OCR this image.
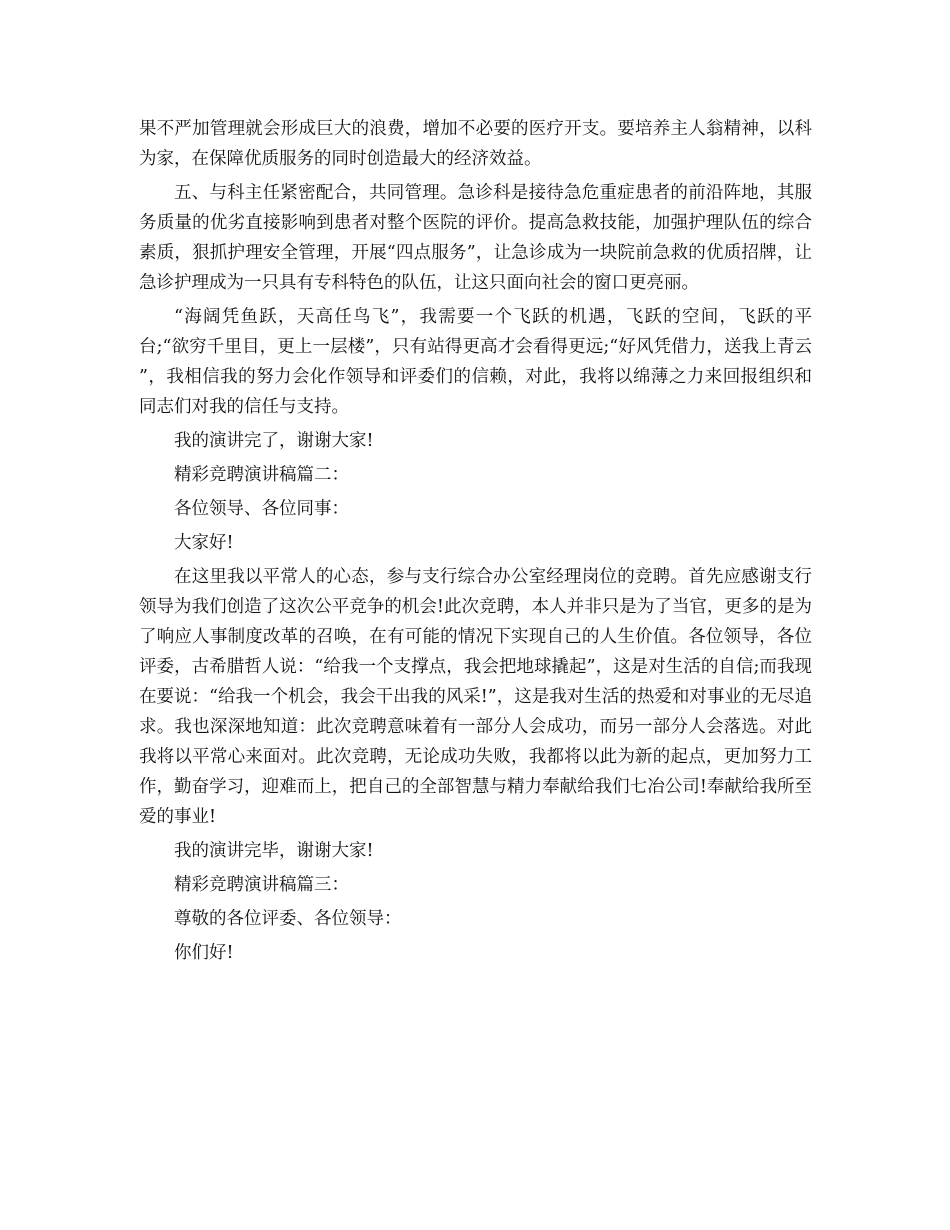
果不严加管理就会形成巨大的浪费，增加不必要的医疗开支。要培养主人翁精神，以科为家，在保障优质服务的同时创造最大的经济效益。

五、与科主任紧密配合，共同管理。急诊科是接待急危重症患者的前沿阵地，其服务质量的优劣直接影响到患者对整个医院的评价。提高急救技能，加强护理队伍的综合素质，狠抓护理安全管理，开展“四点服务”，让急诊成为一块院前急救的优质招牌，让急诊护理成为一只具有专科特色的队伍，让这只面向社会的窗口更亮丽。

“海阔凭鱼跃，天高任鸟飞”，我需要一个飞跃的机遇，飞跃的空间，飞跃的平台;“欲穷千里目，更上一层楼”，只有站得更高才会看得更远;“好风凭借力，送我上青云 ”，我相信我的努力会化作领导和评委们的信赖，对此，我将以绵薄之力来回报组织和同志们对我的信任与支持。

我的演讲完了，谢谢大家!

精彩竞聘演讲稿篇二：

各位领导、各位同事：

大家好!

在这里我以平常人的心态，参与支行综合办公室经理岗位的竞聘。首先应感谢支行领导为我们创造了这次公平竞争的机会!此次竞聘，本人并非只是为了当官，更多的是为了响应人事制度改革的召唤，在有可能的情况下实现自己的人生价值。各位领导，各位评委，古希腊哲人说：“给我一个支撑点，我会把地球撬起”，这是对生活的自信;而我现在要说：“给我一个机会，我会干出我的风采!”，这是我对生活的热爱和对事业的无尽追求。我也深深地知道：此次竞聘意味着有一部分人会成功，而另一部分人会落选。对此我将以平常心来面对。此次竞聘，无论成功失败，我都将以此为新的起点，更加努力工作，勤奋学习，迎难而上，把自己的全部智慧与精力奉献给我们七冶公司!奉献给我所至爱的事业!

我的演讲完毕，谢谢大家!

精彩竞聘演讲稿篇三：

尊敬的各位评委、各位领导：

你们好!
